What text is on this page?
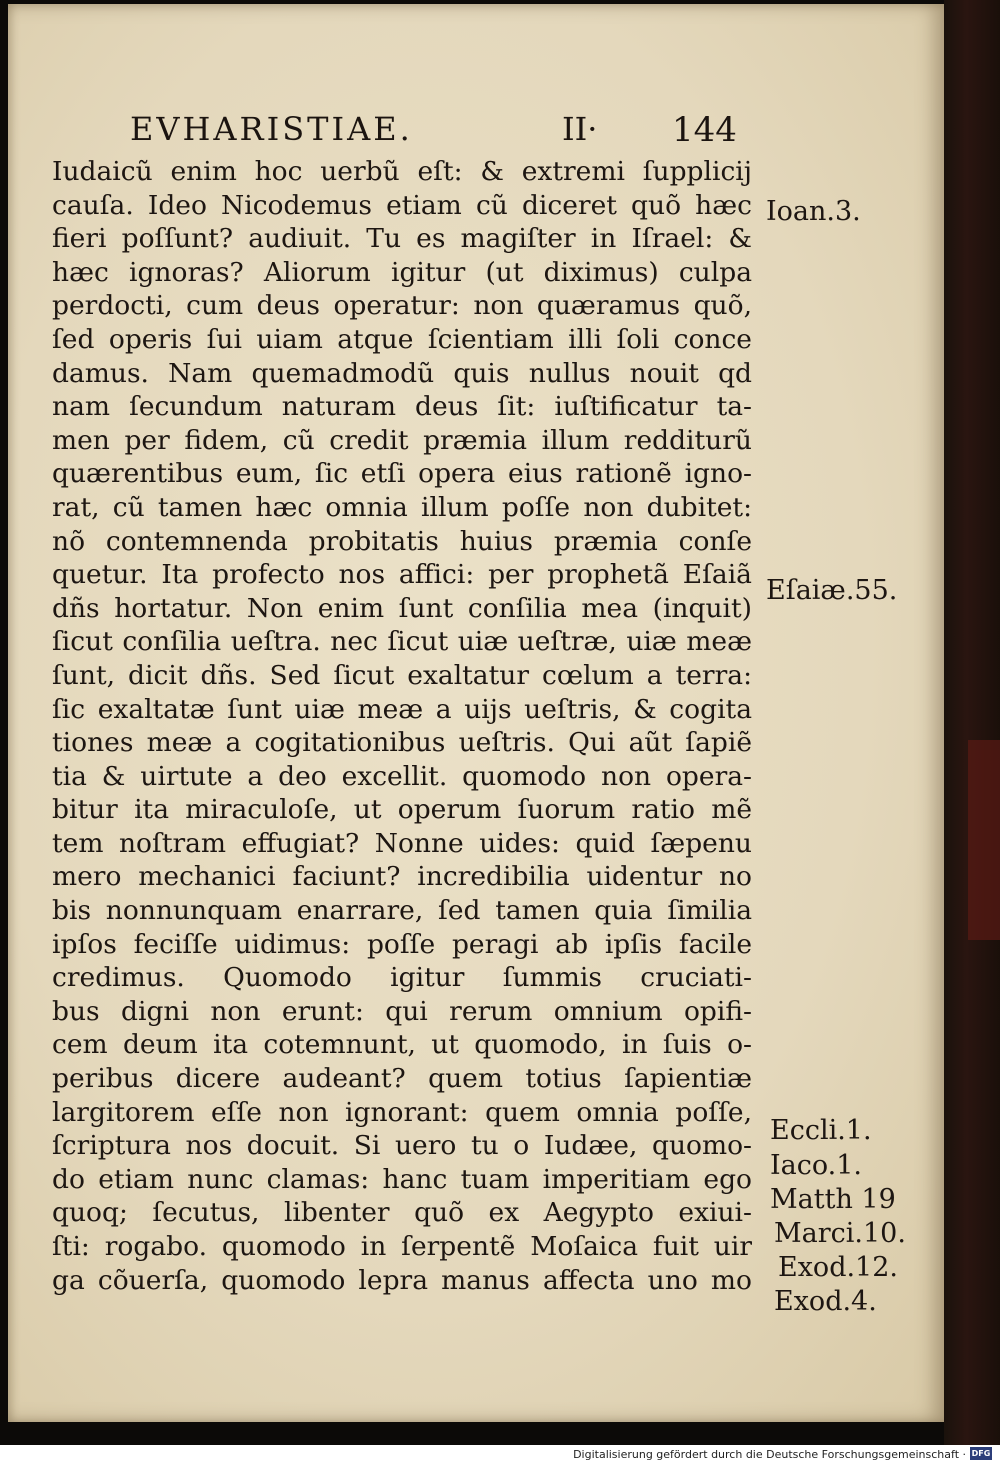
EVHARISTIAE.	II· 144
Iudaicũ enim hoc uerbũ eſt: & extremi ſupplicij
cauſa. Ideo Nicodemus etiam cũ diceret quõ hæc
fieri poſſunt? audiuit. Tu es magiſter in Iſrael: &
hæc ignoras? Aliorum igitur (ut diximus) culpa
perdocti, cum deus operatur: non quæramus quõ,
ſed operis ſui uiam atque ſcientiam illi ſoli conce
damus. Nam quemadmodũ quis nullus nouit qd
nam ſecundum naturam deus ſit: iuſtificatur ta-
men per fidem, cũ credit præmia illum redditurũ
quærentibus eum, ſic etſi opera eius rationẽ igno-
rat, cũ tamen hæc omnia illum poſſe non dubitet:
nõ contemnenda probitatis huius præmia conſe
quetur. Ita profecto nos affici: per prophetã Eſaiã
dñs hortatur. Non enim ſunt conſilia mea (inquit)
ſicut conſilia ueſtra. nec ſicut uiæ ueſtræ, uiæ meæ
ſunt, dicit dñs. Sed ſicut exaltatur cœlum a terra:
ſic exaltatæ ſunt uiæ meæ a uijs ueſtris, & cogita
tiones meæ a cogitationibus ueſtris. Qui aũt ſapiẽ
tia & uirtute a deo excellit. quomodo non opera-
bitur ita miraculoſe, ut operum ſuorum ratio mẽ
tem noſtram effugiat? Nonne uides: quid ſæpenu
mero mechanici faciunt? incredibilia uidentur no
bis nonnunquam enarrare, ſed tamen quia ſimilia
ipſos feciſſe uidimus: poſſe peragi ab ipſis facile
credimus. Quomodo igitur ſummis cruciati-
bus digni non erunt: qui rerum omnium opifi-
cem deum ita cotemnunt, ut quomodo, in ſuis o-
peribus dicere audeant? quem totius ſapientiæ
largitorem eſſe non ignorant: quem omnia poſſe,
ſcriptura nos docuit. Si uero tu o Iudæe, quomo-
do etiam nunc clamas: hanc tuam imperitiam ego
quoq; ſecutus, libenter quõ ex Aegypto exiui-
ſti: rogabo. quomodo in ſerpentẽ Moſaica fuit uir
ga cõuerſa, quomodo lepra manus affecta uno mo
Ioan.3.
Eſaiæ.55.
Eccli.1.
Iaco.1.
Matth 19
Marci.10.
Exod.12.
Exod.4.
Digitalisierung gefördert durch die Deutsche Forschungsgemeinschaft · DFG
